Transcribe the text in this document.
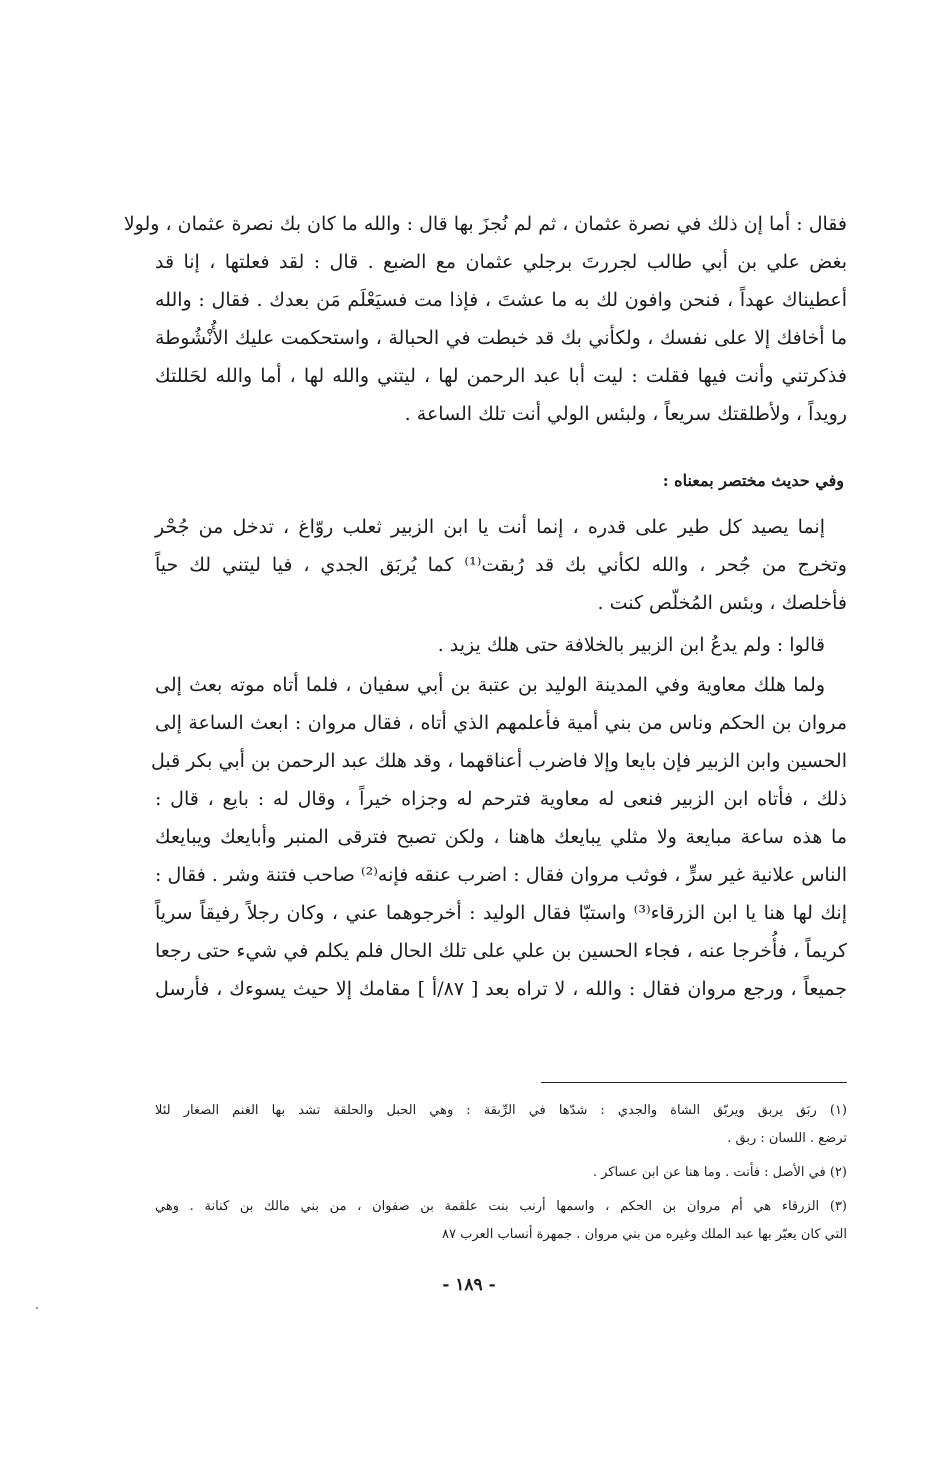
فقال : أما إن ذلك في نصرة عثمان ، ثم لم نُجزَ بها قال : والله ما كان بك نصرة عثمان ، ولولا
بغض علي بن أبي طالب لجررتَ برجلي عثمان مع الضبع . قال : لقد فعلتها ، إنا قد
أعطيناك عهداً ، فنحن وافون لك به ما عشتَ ، فإذا مت فسيَعْلَم مَن بعدك . فقال : والله
ما أخافك إلا على نفسك ، ولكأني بك قد خبطت في الحبالة ، واستحكمت عليك الأُنْشُوطة
فذكرتني وأنت فيها فقلت : ليت أبا عبد الرحمن لها ، ليتني والله لها ، أما والله لحَللتك
رويداً ، ولأطلقتك سريعاً ، ولبئس الولي أنت تلك الساعة .
وفي حديث مختصر بمعناه :
إنما يصيد كل طير على قدره ، إنما أنت يا ابن الزبير ثعلب روّاغ ، تدخل من جُحْر
وتخرج من جُحر ، والله لكأني بك قد رُبقت⁽¹⁾ كما يُربَق الجدي ، فيا ليتني لك حياً
فأخلصك ، وبئس المُخلّص كنت .
قالوا : ولم يدعُ ابن الزبير بالخلافة حتى هلك يزيد .
ولما هلك معاوية وفي المدينة الوليد بن عتبة بن أبي سفيان ، فلما أتاه موته بعث إلى
مروان بن الحكم وناس من بني أمية فأعلمهم الذي أتاه ، فقال مروان : ابعث الساعة إلى
الحسين وابن الزبير فإن بايعا وإلا فاضرب أعناقهما ، وقد هلك عبد الرحمن بن أبي بكر قبل
ذلك ، فأتاه ابن الزبير فنعى له معاوية فترحم له وجزاه خيراً ، وقال له : بايع ، قال :
ما هذه ساعة مبايعة ولا مثلي يبايعك هاهنا ، ولكن تصبح فترقى المنبر وأبايعك ويبايعك
الناس علانية غير سرٍّ ، فوثب مروان فقال : اضرب عنقه فإنه⁽²⁾ صاحب فتنة وشر . فقال :
إنك لها هنا يا ابن الزرقاء⁽³⁾ واستبّا فقال الوليد : أخرجوهما عني ، وكان رجلاً رفيقاً سرياً
كريماً ، فأُخرجا عنه ، فجاء الحسين بن علي على تلك الحال فلم يكلم في شيء حتى رجعا
جميعاً ، ورجع مروان فقال : والله ، لا تراه بعد [ ٨٧/أ ] مقامك إلا حيث يسوءك ، فأرسل
(١) ربَق يربق ويربّق الشاة والجدي : شدّها في الرِّبقة : وهي الحبل والحلقة تشد بها الغنم الصغار لئلا
ترضع . اللسان : ربق .
(٢) في الأصل : فأنت . وما هنا عن ابن عساكر .
(٣) الزرقاء هي أم مروان بن الحكم ، واسمها أرنب بنت علقمة بن صفوان ، من بني مالك بن كنانة . وهي
التي كان يعيّر بها عبد الملك وغيره من بني مروان . جمهرة أنساب العرب ٨٧
- ١٨٩ -
